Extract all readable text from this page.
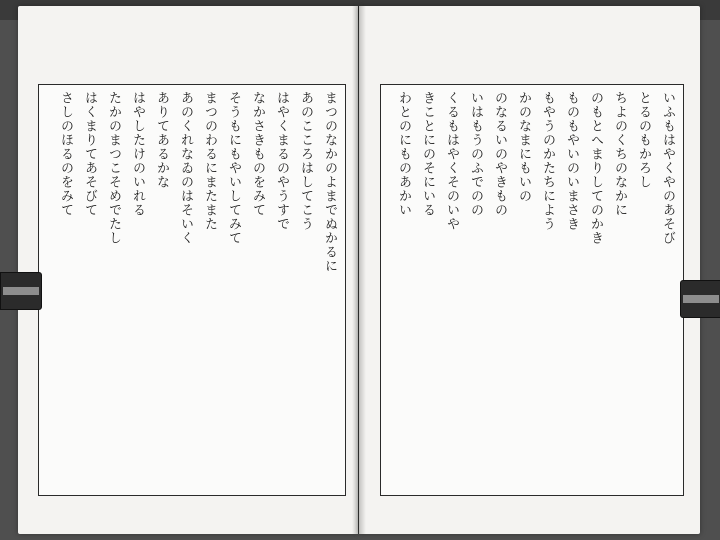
まつのなかのよまでぬかるに
あのこころはしてこう
はやくまるのやうすで
なかさきものをみて
そうもにもやいしてみて
まつのわるにまたまた
あのくれなゐのはそいく
ありてあるかな
はやしたけのいれる
たかのまつこそめでたし
はくまりてあそびて
さしのほるのをみて	いふもはやくやのあそび
とるのもかろし
ちよのくちのなかに
のもとへまりしてのかき
ものもやいのいまさき
もやうのかたちによう
かのなまにもいの
のなるいのやきもの
いはもうのふでのの
くるもはやくそのいや
きことにのそにいる
わとのにものあかい
